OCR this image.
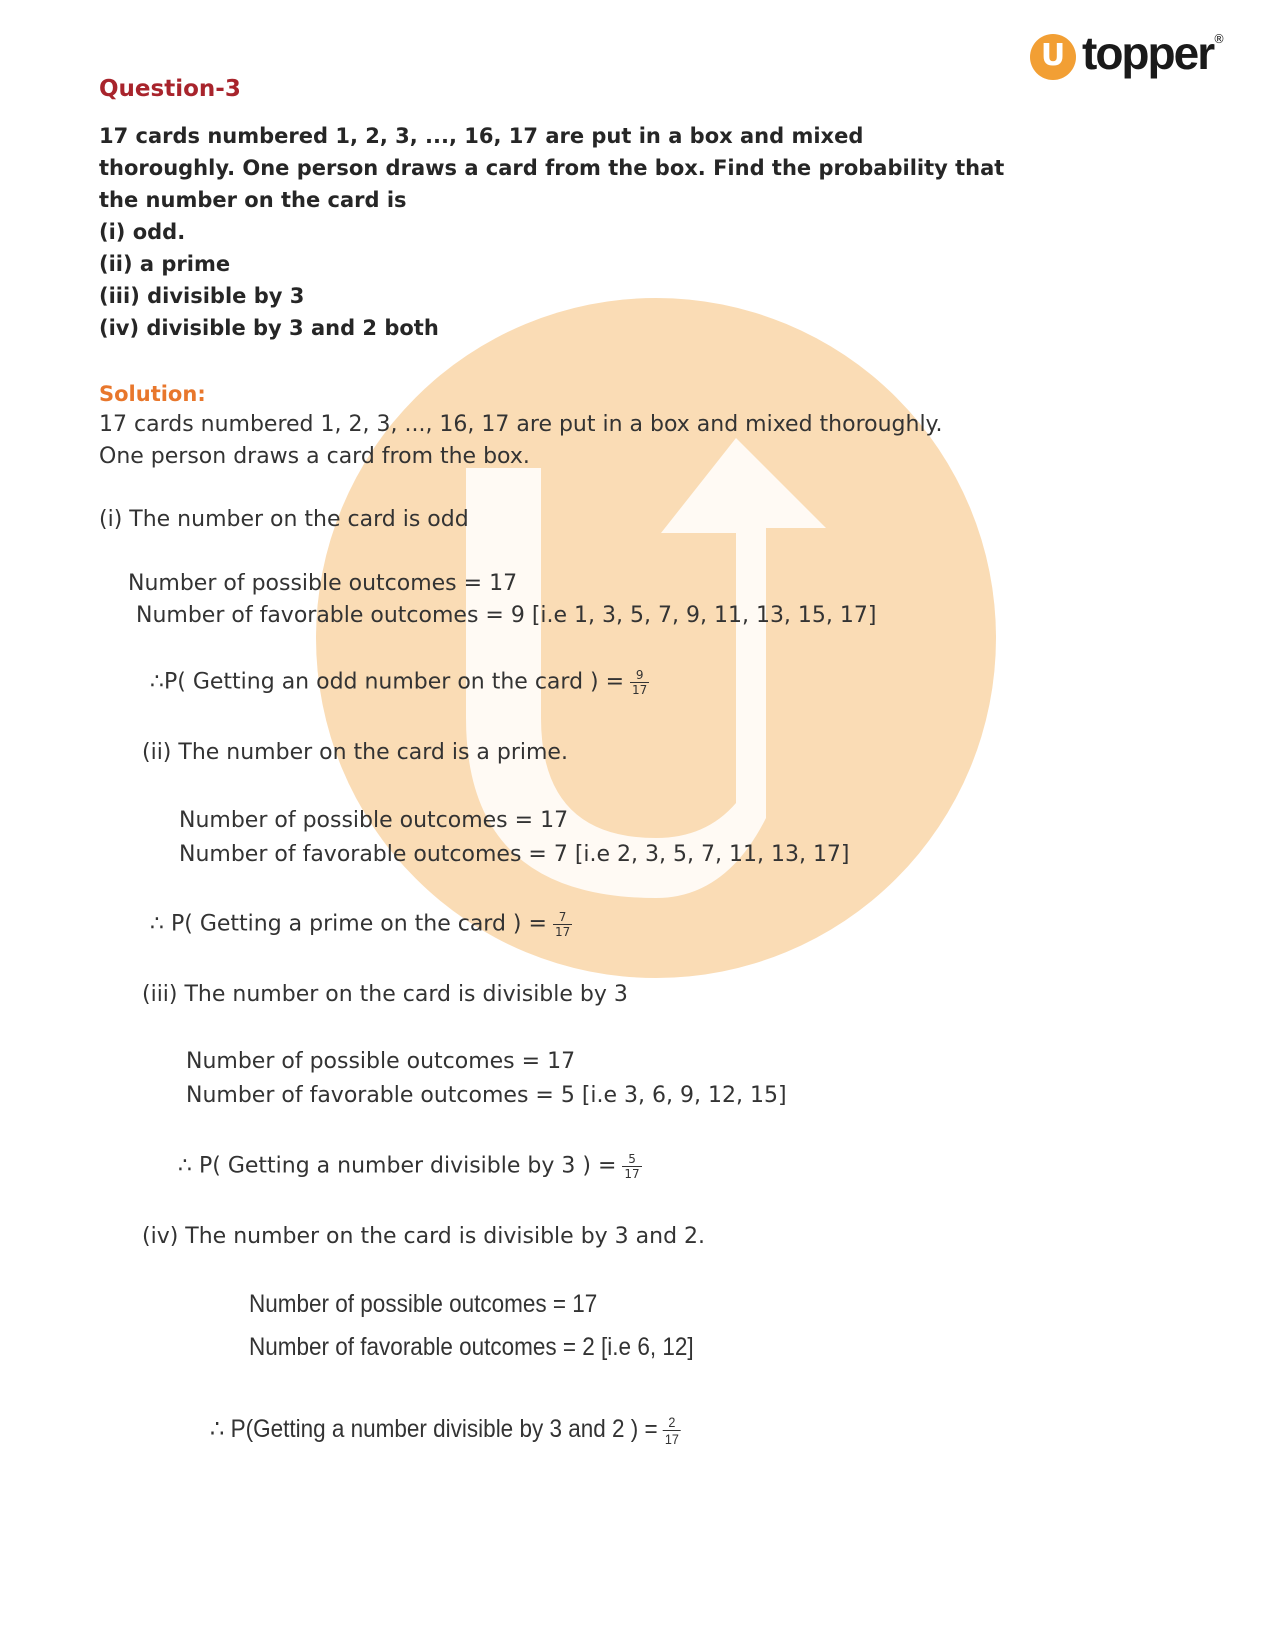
U topper ®
Question-3
17 cards numbered 1, 2, 3, ..., 16, 17 are put in a box and mixed
thoroughly. One person draws a card from the box. Find the probability that
the number on the card is
(i) odd.
(ii) a prime
(iii) divisible by 3
(iv) divisible by 3 and 2 both
Solution:
17 cards numbered 1, 2, 3, ..., 16, 17 are put in a box and mixed thoroughly.
One person draws a card from the box.
(i) The number on the card is odd
Number of possible outcomes = 17
Number of favorable outcomes = 9 [i.e 1, 3, 5, 7, 9, 11, 13, 15, 17]
∴P( Getting an odd number on the card ) = $\frac{9}{17}$
(ii) The number on the card is a prime.
Number of possible outcomes = 17
Number of favorable outcomes = 7 [i.e 2, 3, 5, 7, 11, 13, 17]
∴ P( Getting a prime on the card ) = $\frac{7}{17}$
(iii) The number on the card is divisible by 3
Number of possible outcomes = 17
Number of favorable outcomes = 5 [i.e 3, 6, 9, 12, 15]
∴ P( Getting a number divisible by 3 ) = $\frac{5}{17}$
(iv) The number on the card is divisible by 3 and 2.
Number of possible outcomes = 17
Number of favorable outcomes = 2 [i.e 6, 12]
∴ P(Getting a number divisible by 3 and 2 ) = $\frac{2}{17}$
